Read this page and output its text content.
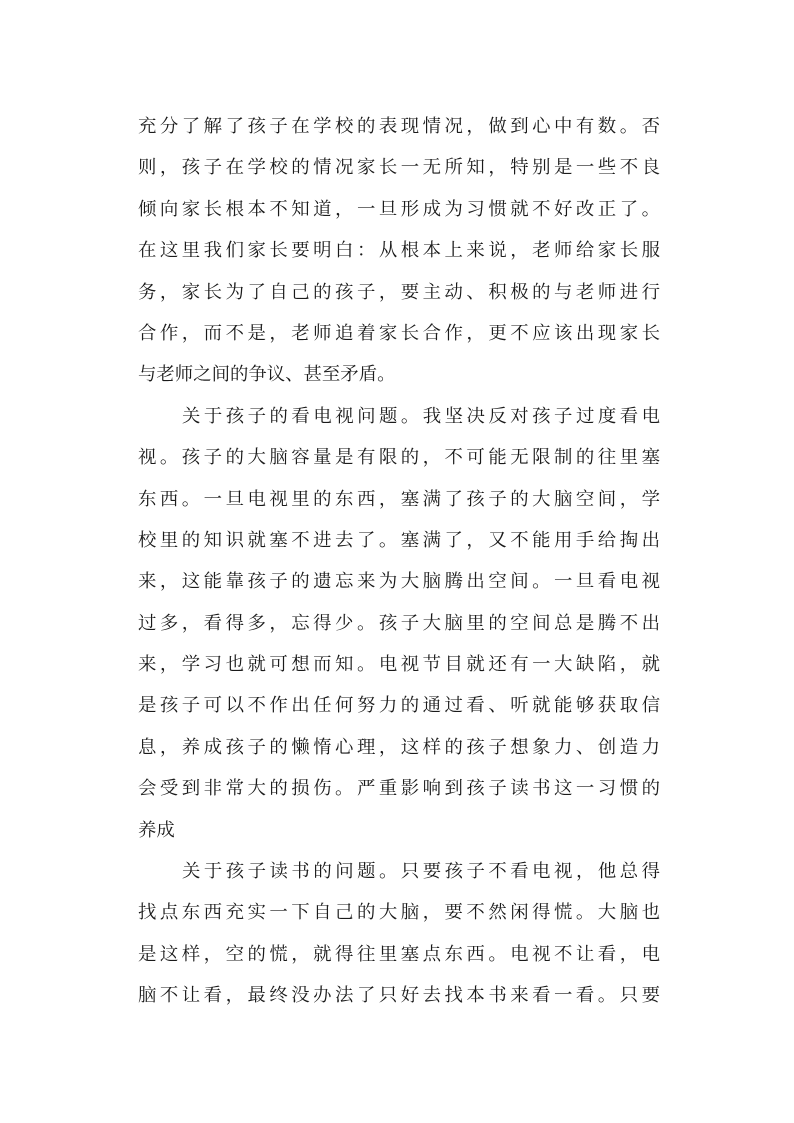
充分了解了孩子在学校的表现情况，做到心中有数。否
则，孩子在学校的情况家长一无所知，特别是一些不良
倾向家长根本不知道，一旦形成为习惯就不好改正了。
在这里我们家长要明白：从根本上来说，老师给家长服
务，家长为了自己的孩子，要主动、积极的与老师进行
合作，而不是，老师追着家长合作，更不应该出现家长
与老师之间的争议、甚至矛盾。
关于孩子的看电视问题。我坚决反对孩子过度看电
视。孩子的大脑容量是有限的，不可能无限制的往里塞
东西。一旦电视里的东西，塞满了孩子的大脑空间，学
校里的知识就塞不进去了。塞满了，又不能用手给掏出
来，这能靠孩子的遗忘来为大脑腾出空间。一旦看电视
过多，看得多，忘得少。孩子大脑里的空间总是腾不出
来，学习也就可想而知。电视节目就还有一大缺陷，就
是孩子可以不作出任何努力的通过看、听就能够获取信
息，养成孩子的懒惰心理，这样的孩子想象力、创造力
会受到非常大的损伤。严重影响到孩子读书这一习惯的
养成
关于孩子读书的问题。只要孩子不看电视，他总得
找点东西充实一下自己的大脑，要不然闲得慌。大脑也
是这样，空的慌，就得往里塞点东西。电视不让看，电
脑不让看，最终没办法了只好去找本书来看一看。只要
